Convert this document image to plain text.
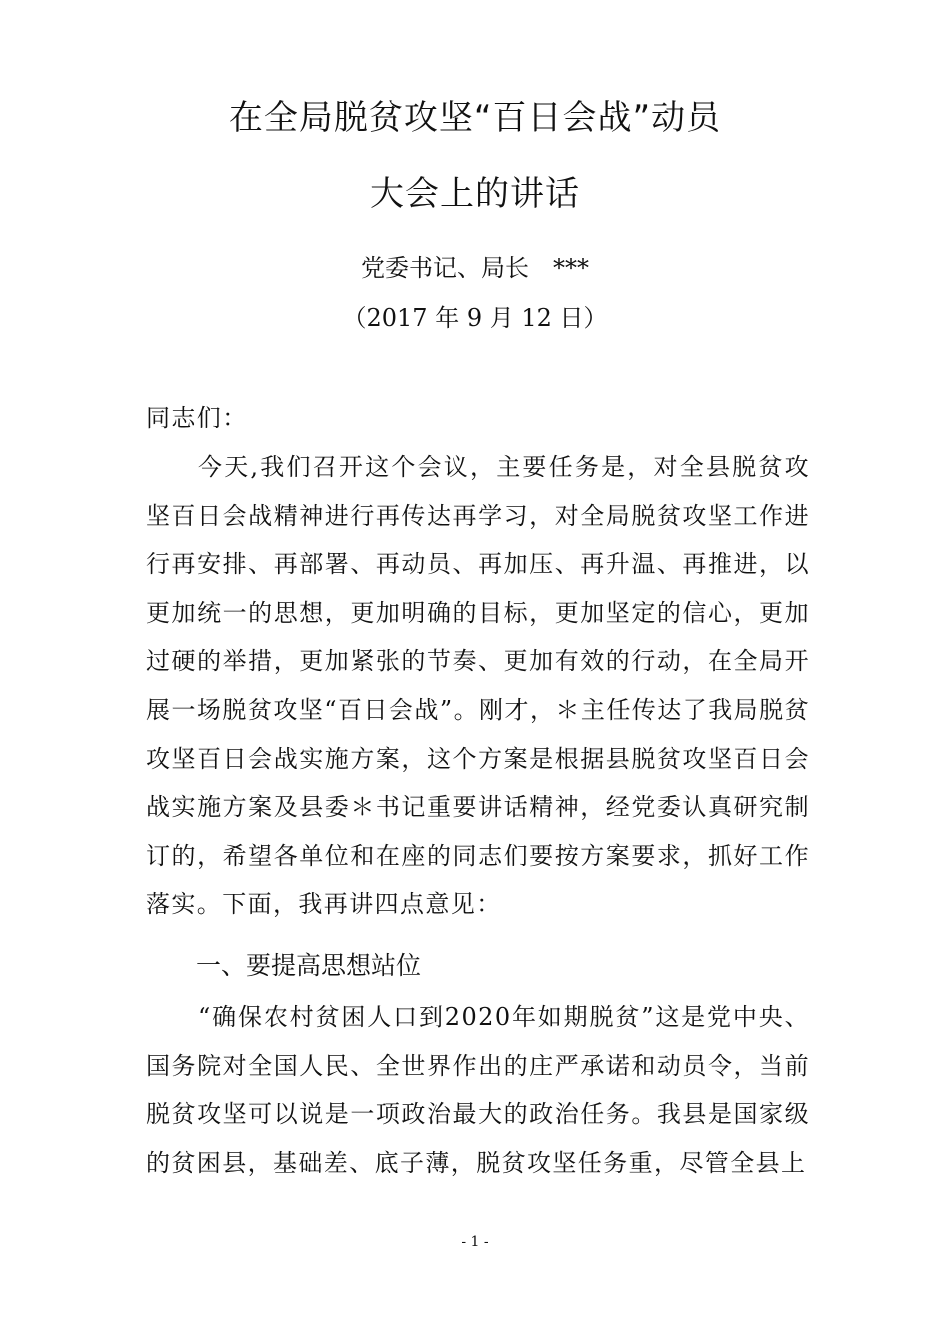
在全局脱贫攻坚“百日会战”动员
大会上的讲话
党委书记、局长　***
（2017 年 9 月 12 日）

同志们：

今天,我们召开这个会议，主要任务是，对全县脱贫攻坚百日会战精神进行再传达再学习，对全局脱贫攻坚工作进行再安排、再部署、再动员、再加压、再升温、再推进，以更加统一的思想，更加明确的目标，更加坚定的信心，更加过硬的举措，更加紧张的节奏、更加有效的行动，在全局开展一场脱贫攻坚“百日会战”。刚才，＊主任传达了我局脱贫攻坚百日会战实施方案，这个方案是根据县脱贫攻坚百日会战实施方案及县委＊书记重要讲话精神，经党委认真研究制订的，希望各单位和在座的同志们要按方案要求，抓好工作落实。下面，我再讲四点意见：

一、要提高思想站位

“确保农村贫困人口到2020年如期脱贫”这是党中央、国务院对全国人民、全世界作出的庄严承诺和动员令，当前脱贫攻坚可以说是一项政治最大的政治任务。我县是国家级的贫困县，基础差、底子薄，脱贫攻坚任务重，尽管全县上

- 1 -
